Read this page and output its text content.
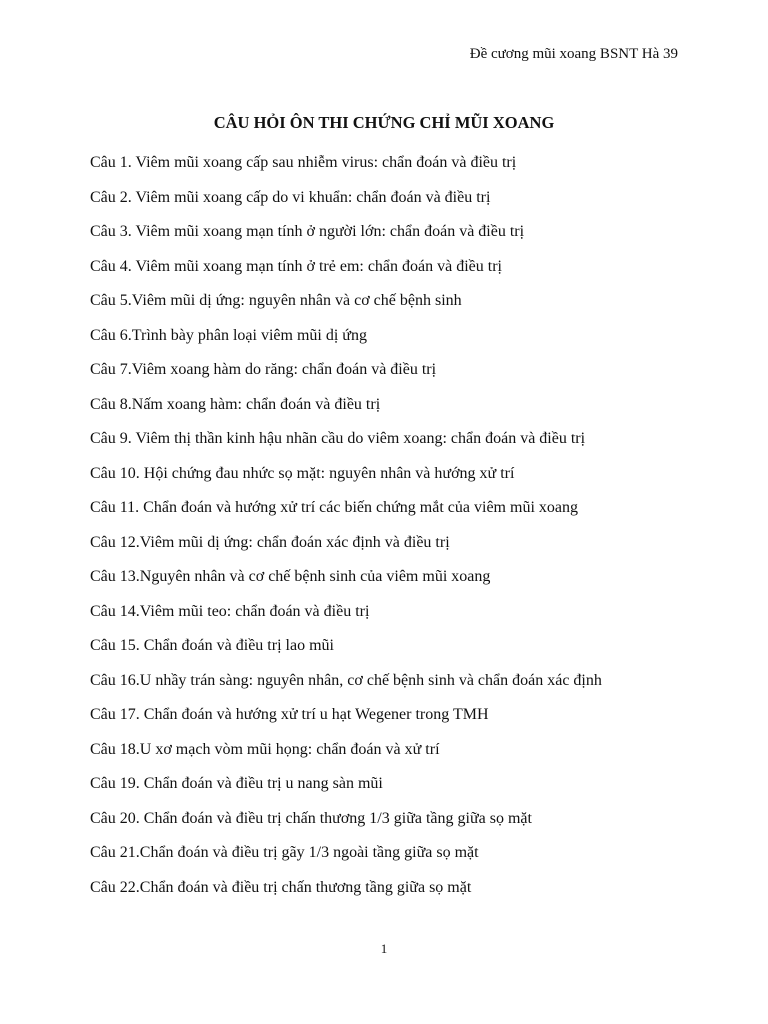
Đề cương mũi xoang BSNT Hà 39
CÂU HỎI ÔN THI CHỨNG CHỈ MŨI XOANG
Câu 1. Viêm mũi xoang cấp sau nhiễm virus: chẩn đoán và điều trị
Câu 2. Viêm mũi xoang cấp do vi khuẩn: chẩn đoán và điều trị
Câu 3. Viêm mũi xoang mạn tính ở người lớn: chẩn đoán và điều trị
Câu 4. Viêm mũi xoang mạn tính ở trẻ em: chẩn đoán và điều trị
Câu 5.Viêm mũi dị ứng: nguyên nhân và cơ chế bệnh sinh
Câu 6.Trình bày phân loại viêm mũi dị ứng
Câu 7.Viêm xoang hàm do răng: chẩn đoán và điều trị
Câu 8.Nấm xoang hàm: chẩn đoán và điều trị
Câu 9. Viêm thị thần kinh hậu nhãn cầu do viêm xoang: chẩn đoán và điều trị
Câu 10. Hội chứng đau nhức sọ mặt: nguyên nhân và hướng xử trí
Câu 11. Chẩn đoán và hướng xử trí các biến chứng mắt của viêm mũi xoang
Câu 12.Viêm mũi dị ứng: chẩn đoán xác định và điều trị
Câu 13.Nguyên nhân và cơ chế bệnh sinh của viêm mũi xoang
Câu 14.Viêm mũi teo: chẩn đoán và điều trị
Câu 15. Chẩn đoán và điều trị lao mũi
Câu 16.U nhầy trán sàng: nguyên nhân, cơ chế bệnh sinh và chẩn đoán xác định
Câu 17. Chẩn đoán và hướng xử trí u hạt Wegener trong TMH
Câu 18.U xơ mạch vòm mũi họng: chẩn đoán và xử trí
Câu 19. Chẩn đoán và điều trị u nang sàn mũi
Câu 20. Chẩn đoán và điều trị chấn thương 1/3 giữa tầng giữa sọ mặt
Câu 21.Chẩn đoán và điều trị gãy 1/3 ngoài tầng giữa sọ mặt
Câu 22.Chẩn đoán và điều trị chấn thương tầng giữa sọ mặt
1
